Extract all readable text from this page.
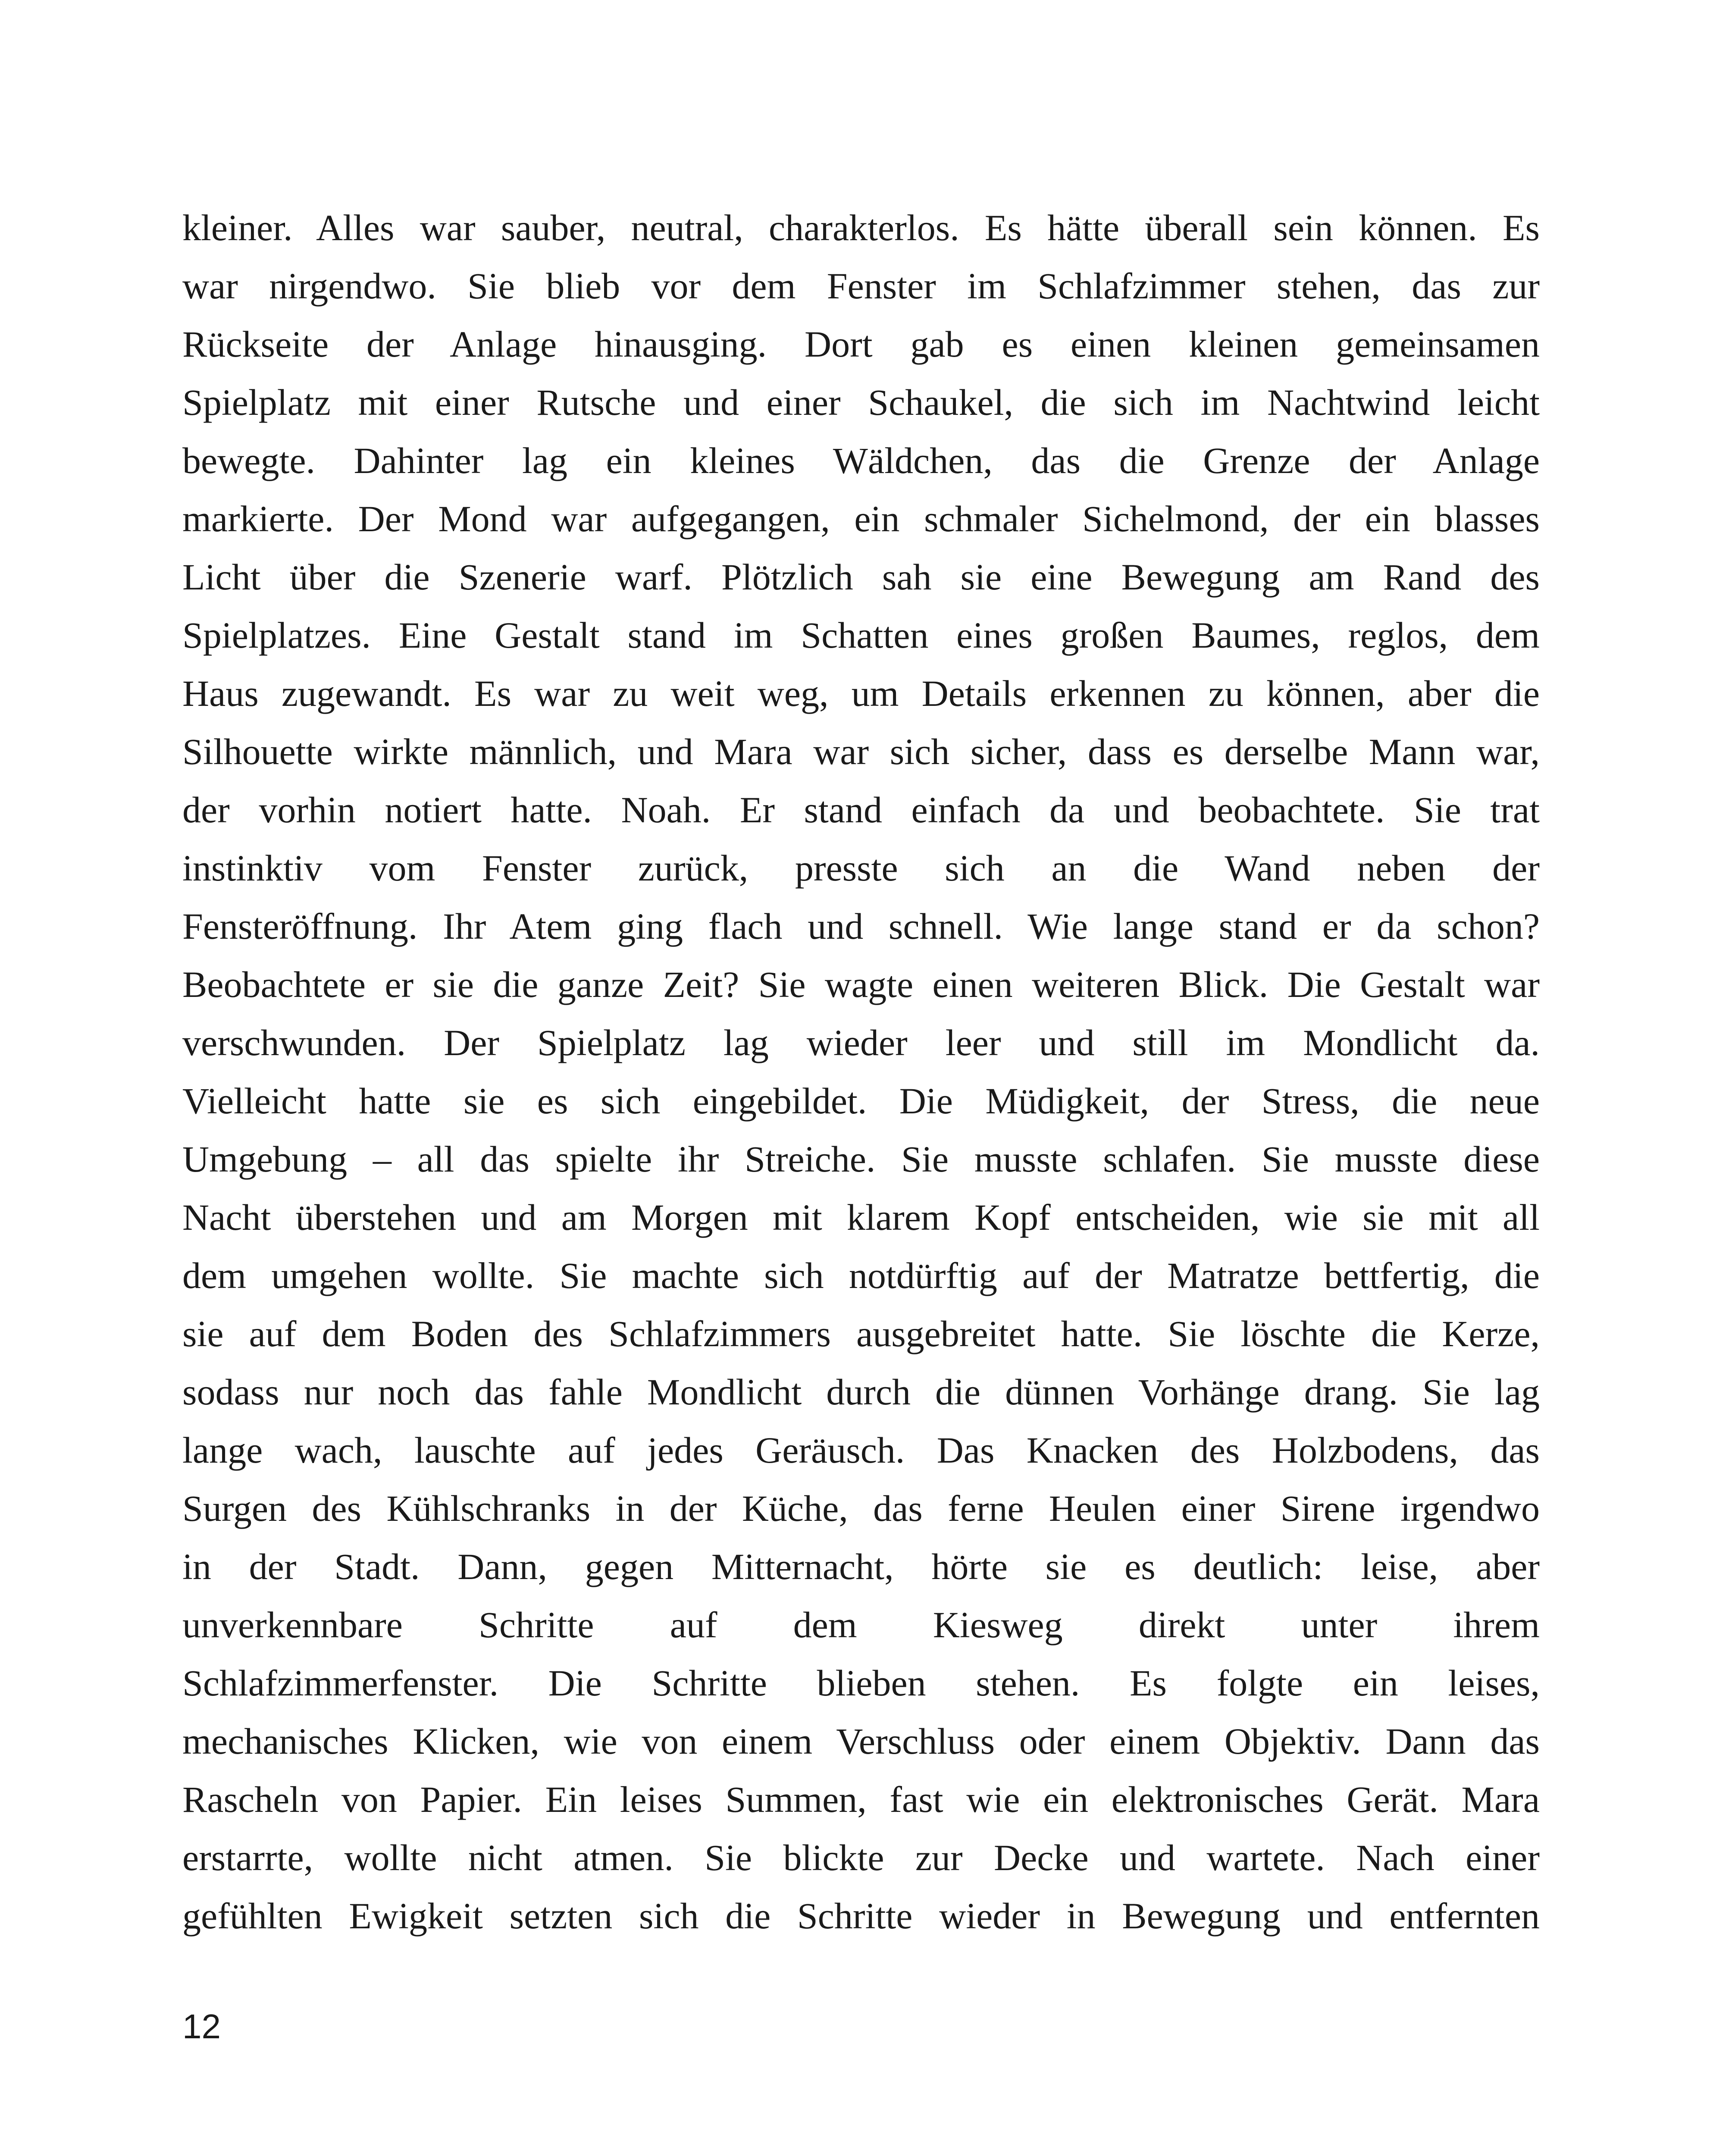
kleiner. Alles war sauber, neutral, charakterlos. Es hätte überall sein können. Es
war nirgendwo. Sie blieb vor dem Fenster im Schlafzimmer stehen, das zur
Rückseite der Anlage hinausging. Dort gab es einen kleinen gemeinsamen
Spielplatz mit einer Rutsche und einer Schaukel, die sich im Nachtwind leicht
bewegte. Dahinter lag ein kleines Wäldchen, das die Grenze der Anlage
markierte. Der Mond war aufgegangen, ein schmaler Sichelmond, der ein blasses
Licht über die Szenerie warf. Plötzlich sah sie eine Bewegung am Rand des
Spielplatzes. Eine Gestalt stand im Schatten eines großen Baumes, reglos, dem
Haus zugewandt. Es war zu weit weg, um Details erkennen zu können, aber die
Silhouette wirkte männlich, und Mara war sich sicher, dass es derselbe Mann war,
der vorhin notiert hatte. Noah. Er stand einfach da und beobachtete. Sie trat
instinktiv vom Fenster zurück, presste sich an die Wand neben der
Fensteröffnung. Ihr Atem ging flach und schnell. Wie lange stand er da schon?
Beobachtete er sie die ganze Zeit? Sie wagte einen weiteren Blick. Die Gestalt war
verschwunden. Der Spielplatz lag wieder leer und still im Mondlicht da.
Vielleicht hatte sie es sich eingebildet. Die Müdigkeit, der Stress, die neue
Umgebung – all das spielte ihr Streiche. Sie musste schlafen. Sie musste diese
Nacht überstehen und am Morgen mit klarem Kopf entscheiden, wie sie mit all
dem umgehen wollte. Sie machte sich notdürftig auf der Matratze bettfertig, die
sie auf dem Boden des Schlafzimmers ausgebreitet hatte. Sie löschte die Kerze,
sodass nur noch das fahle Mondlicht durch die dünnen Vorhänge drang. Sie lag
lange wach, lauschte auf jedes Geräusch. Das Knacken des Holzbodens, das
Surgen des Kühlschranks in der Küche, das ferne Heulen einer Sirene irgendwo
in der Stadt. Dann, gegen Mitternacht, hörte sie es deutlich: leise, aber
unverkennbare Schritte auf dem Kiesweg direkt unter ihrem
Schlafzimmerfenster. Die Schritte blieben stehen. Es folgte ein leises,
mechanisches Klicken, wie von einem Verschluss oder einem Objektiv. Dann das
Rascheln von Papier. Ein leises Summen, fast wie ein elektronisches Gerät. Mara
erstarrte, wollte nicht atmen. Sie blickte zur Decke und wartete. Nach einer
gefühlten Ewigkeit setzten sich die Schritte wieder in Bewegung und entfernten
12
